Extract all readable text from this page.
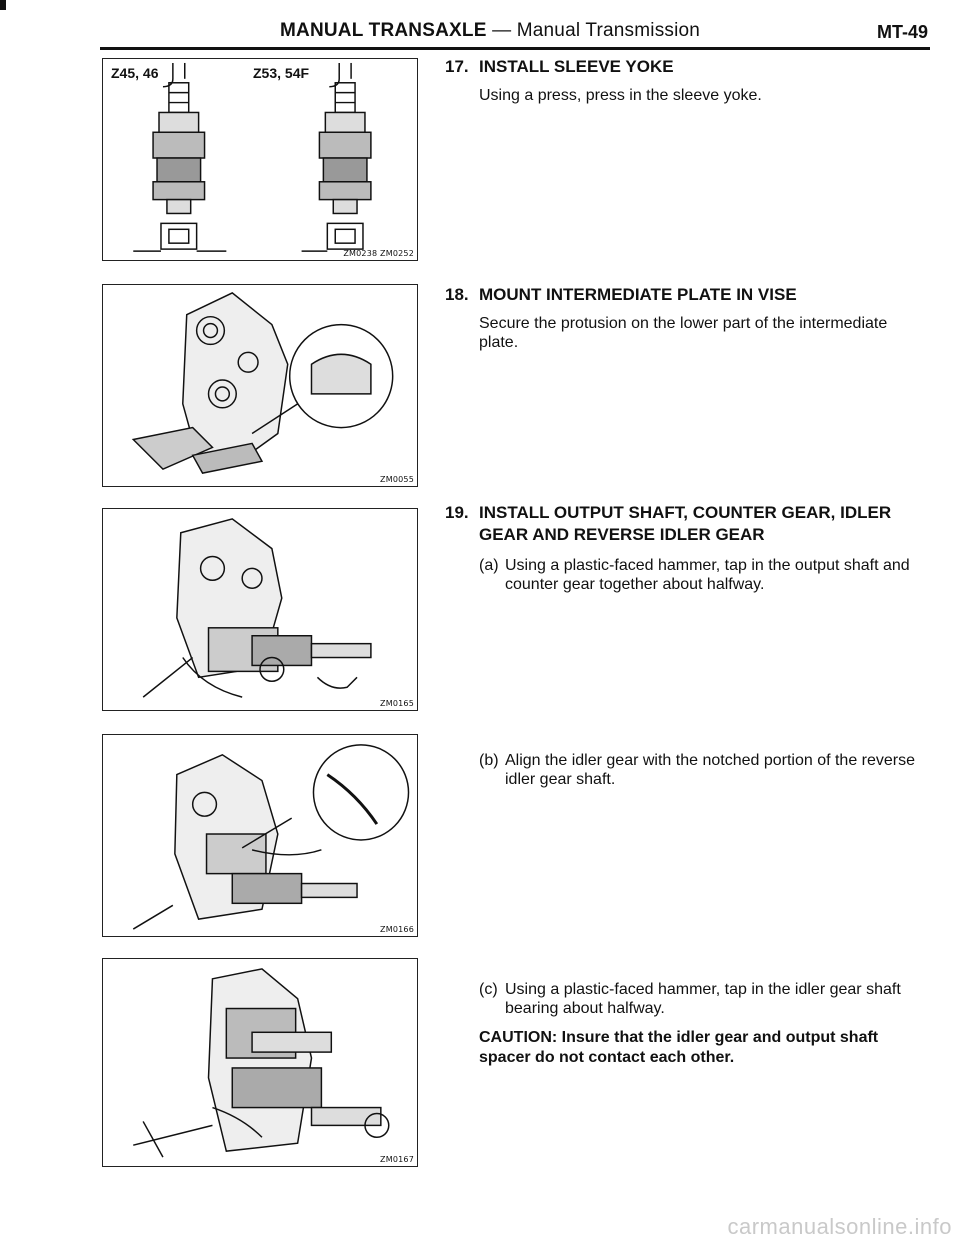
MANUAL TRANSAXLE — Manual Transmission	MT-49
Z45, 46	Z53, 54F
ZM0238 ZM0252
ZM0055
ZM0165
ZM0166
ZM0167
17. INSTALL SLEEVE YOKE
Using a press, press in the sleeve yoke.
18. MOUNT INTERMEDIATE PLATE IN VISE
Secure the protusion on the lower part of the intermediate plate.
19. INSTALL OUTPUT SHAFT, COUNTER GEAR, IDLER GEAR AND REVERSE IDLER GEAR
(a) Using a plastic-faced hammer, tap in the output shaft and counter gear together about halfway.
(b) Align the idler gear with the notched portion of the reverse idler gear shaft.
(c) Using a plastic-faced hammer, tap in the idler gear shaft bearing about halfway.
CAUTION: Insure that the idler gear and output shaft spacer do not contact each other.
carmanualsonline.info
